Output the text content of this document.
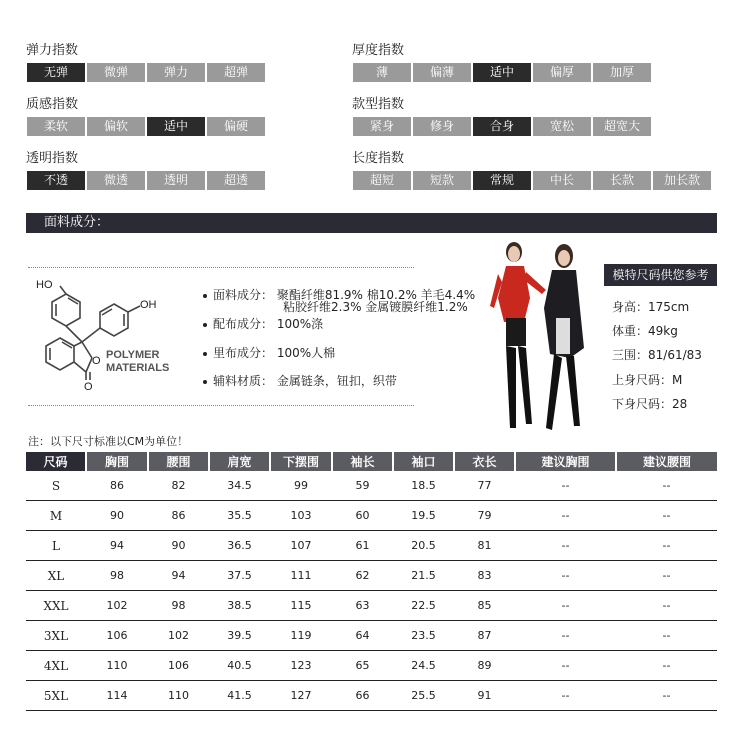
弹力指数
无弹	微弹	弹力	超弹
厚度指数
薄	偏薄	适中	偏厚	加厚
质感指数
柔软	偏软	适中	偏硬
款型指数
紧身	修身	合身	宽松	超宽大
透明指数
不透	微透	透明	超透
长度指数
超短	短款	常规	中长	长款	加长款
面料成分：
HO
OH
O
O
POLYMER
MATERIALS
面料成分： 聚酯纤维81.9% 棉10.2% 羊毛4.4%
粘胶纤维2.3% 金属镀膜纤维1.2%
配布成分： 100%涤
里布成分： 100%人棉
辅料材质： 金属链条，钮扣，织带
模特尺码供您参考
身高：175cm
体重：49kg
三围：81/61/83
上身尺码：M
下身尺码：28
注：以下尺寸标准以CM为单位！
尺码	胸围	腰围	肩宽	下摆围	袖长	袖口	衣长	建议胸围	建议腰围
S	86	82	34.5	99	59	18.5	77	--	--
M	90	86	35.5	103	60	19.5	79	--	--
L	94	90	36.5	107	61	20.5	81	--	--
XL	98	94	37.5	111	62	21.5	83	--	--
XXL	102	98	38.5	115	63	22.5	85	--	--
3XL	106	102	39.5	119	64	23.5	87	--	--
4XL	110	106	40.5	123	65	24.5	89	--	--
5XL	114	110	41.5	127	66	25.5	91	--	--
